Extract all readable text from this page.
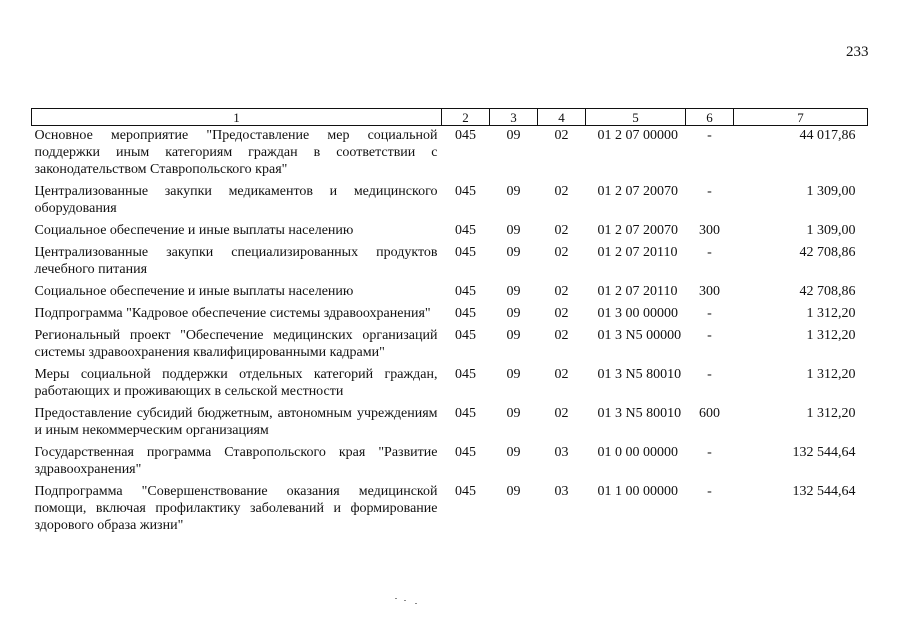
233
1	2	3	4	5	6	7
Основное мероприятие "Предоставление мер социальной поддержки иным категориям граждан в соответствии с законодательством Ставропольского края"	045	09	02	01 2 07 00000	-	44 017,86
Централизованные закупки медикаментов и медицинского оборудования	045	09	02	01 2 07 20070	-	1 309,00
Социальное обеспечение и иные выплаты населению	045	09	02	01 2 07 20070	300	1 309,00
Централизованные закупки специализированных продуктов лечебного питания	045	09	02	01 2 07 20110	-	42 708,86
Социальное обеспечение и иные выплаты населению	045	09	02	01 2 07 20110	300	42 708,86
Подпрограмма "Кадровое обеспечение системы здравоохранения"	045	09	02	01 3 00 00000	-	1 312,20
Региональный проект "Обеспечение медицинских организаций системы здравоохранения квалифицированными кадрами"	045	09	02	01 3 N5 00000	-	1 312,20
Меры социальной поддержки отдельных категорий граждан, работающих и проживающих в сельской местности	045	09	02	01 3 N5 80010	-	1 312,20
Предоставление субсидий бюджетным, автономным учреждениям и иным некоммерческим организациям	045	09	02	01 3 N5 80010	600	1 312,20
Государственная программа Ставропольского края "Развитие здравоохранения"	045	09	03	01 0 00 00000	-	132 544,64
Подпрограмма "Совершенствование оказания медицинской помощи, включая профилактику заболеваний и формирование здорового образа жизни"	045	09	03	01 1 00 00000	-	132 544,64
